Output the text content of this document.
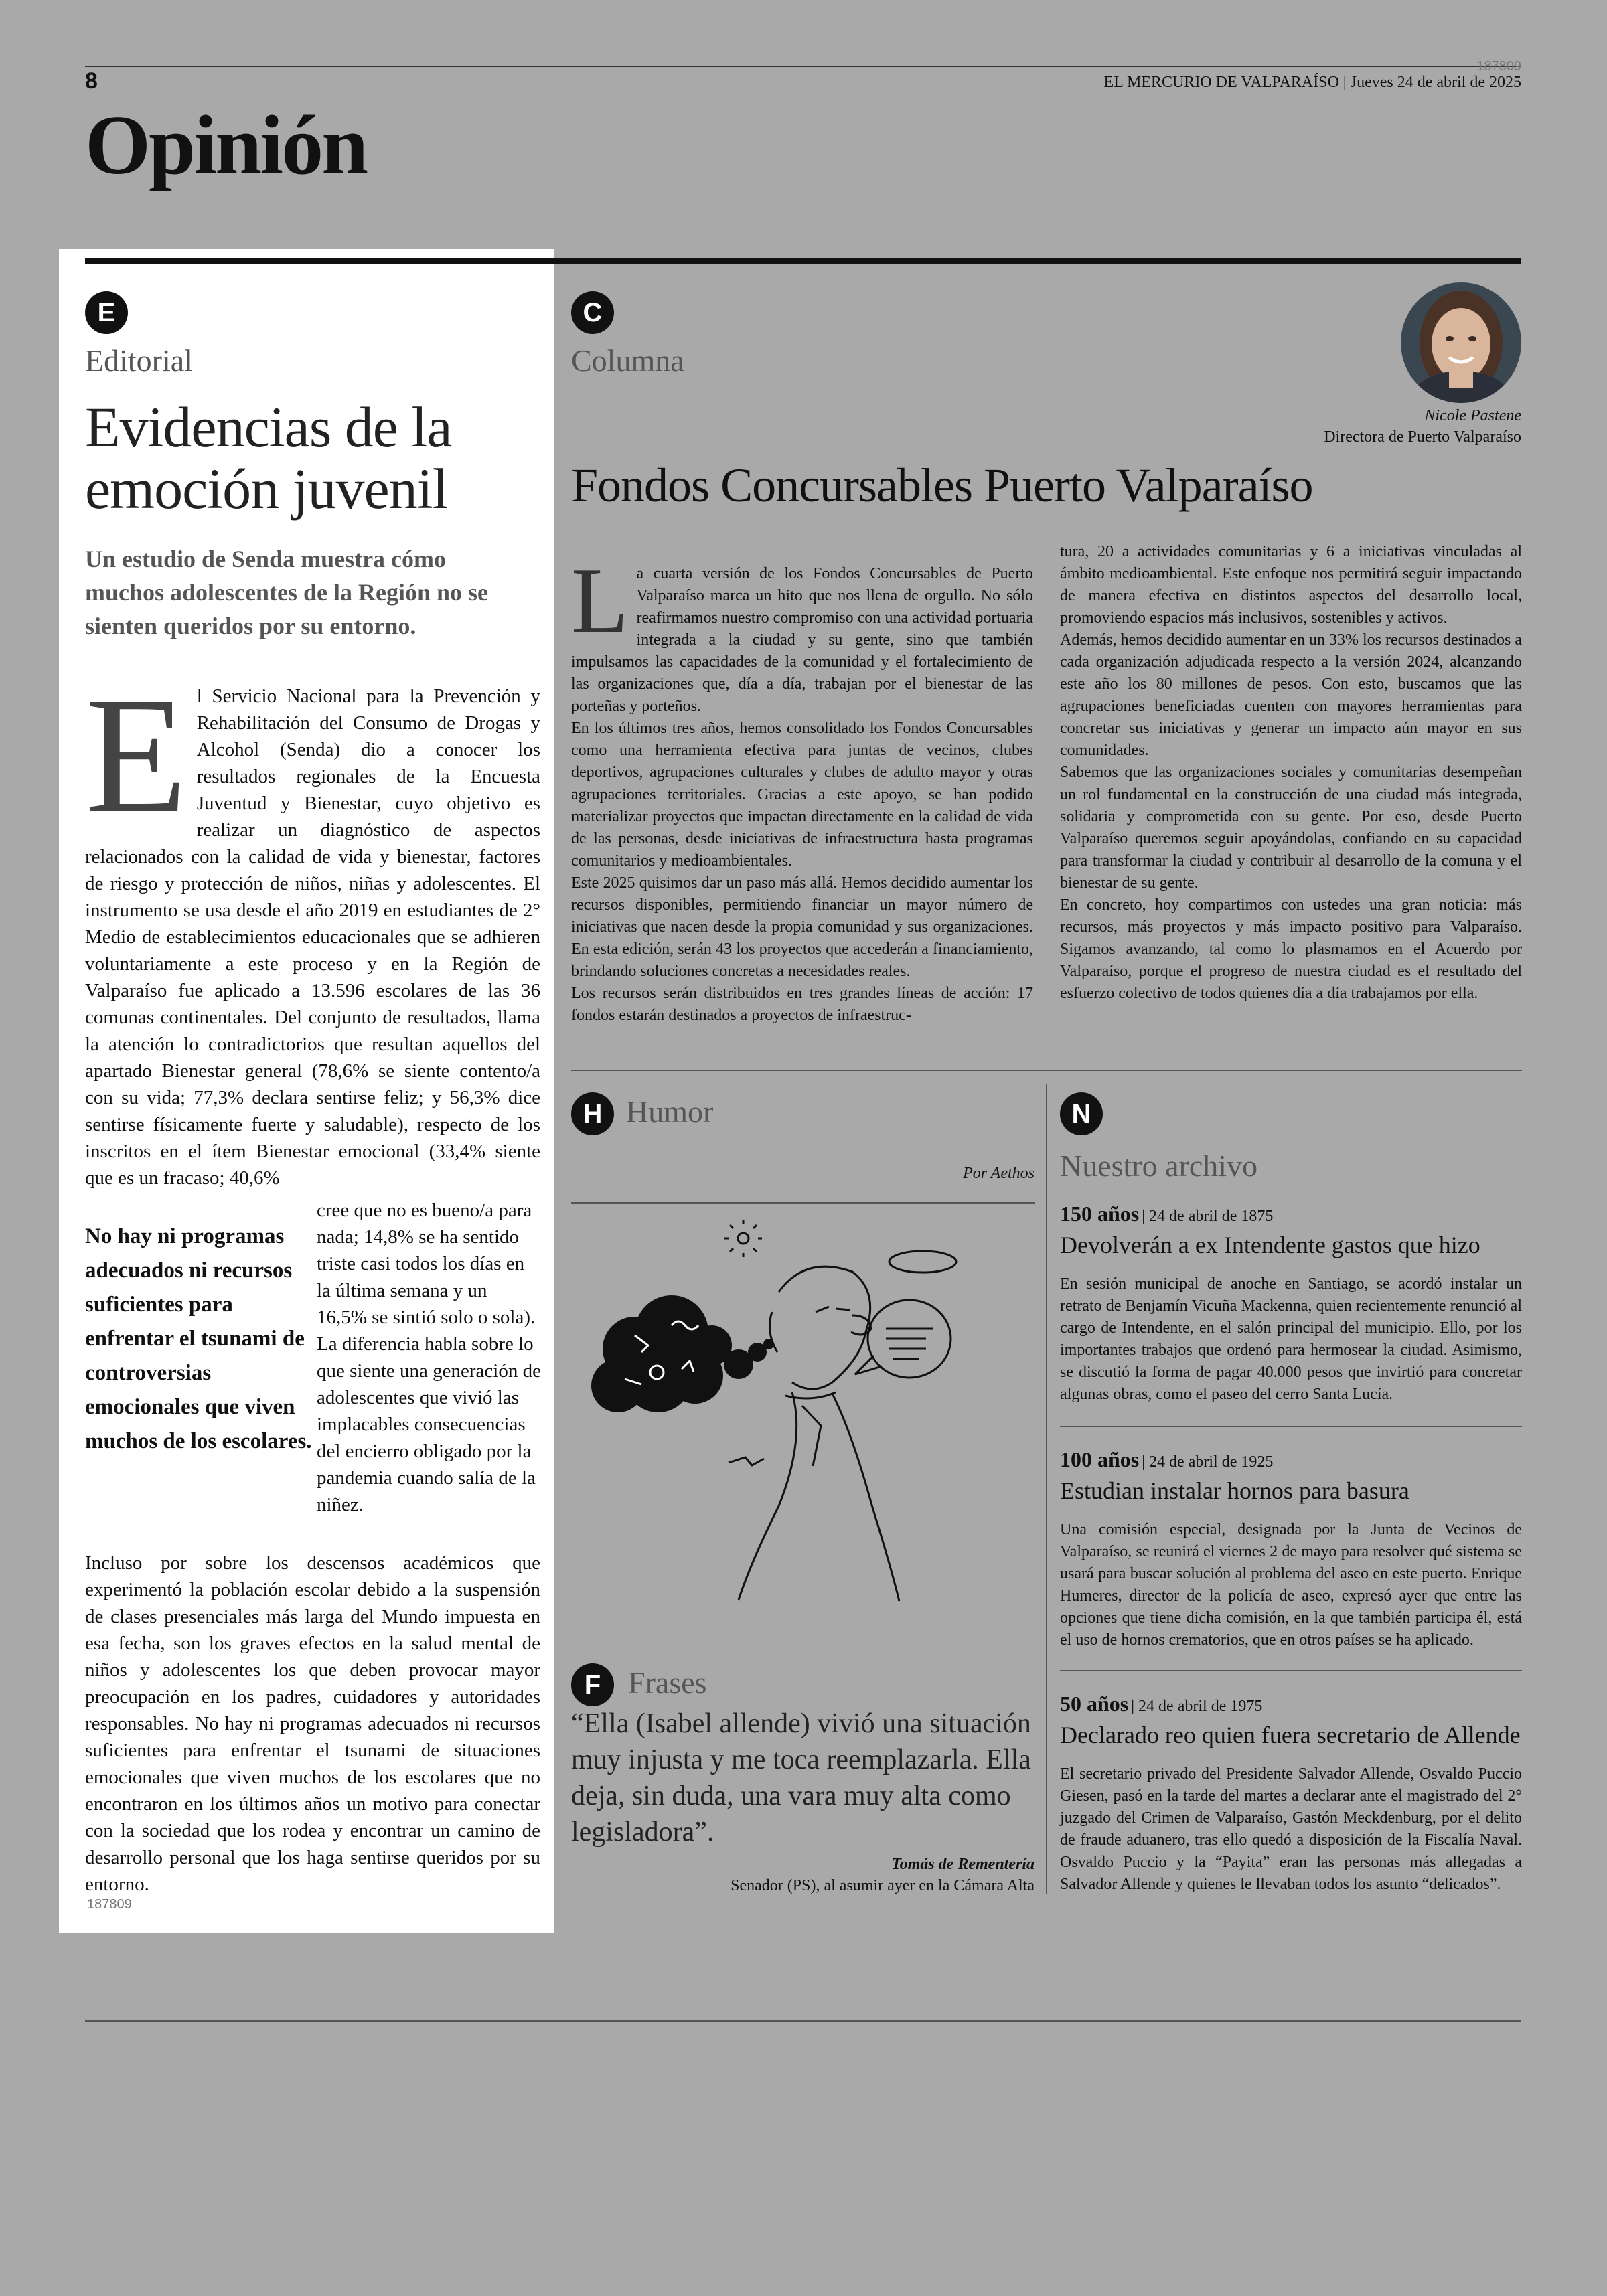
8
187809
EL MERCURIO DE VALPARAÍSO | Jueves 24 de abril de 2025
Opinión
E
Editorial
Evidencias de la emoción juvenil
Un estudio de Senda muestra cómo muchos adolescentes de la Región no se sienten queridos por su entorno.
E l Servicio Nacional para la Prevención y Rehabilitación del Consumo de Drogas y Alcohol (Senda) dio a conocer los resultados regionales de la Encuesta Juventud y Bienestar, cuyo objetivo es realizar un diagnóstico de aspectos relacionados con la calidad de vida y bienestar, factores de riesgo y protección de niños, niñas y adolescentes. El instrumento se usa desde el año 2019 en estudiantes de 2° Medio de establecimientos educacionales que se adhieren voluntariamente a este proceso y en la Región de Valparaíso fue aplicado a 13.596 escolares de las 36 comunas continentales. Del conjunto de resultados, llama la atención lo contradictorios que resultan aquellos del apartado Bienestar general (78,6% se siente contento/a con su vida; 77,3% declara sentirse feliz; y 56,3% dice sentirse físicamente fuerte y saludable), respecto de los inscritos en el ítem Bienestar emocional (33,4% siente que es un fracaso; 40,6%
No hay ni programas adecuados ni recursos suficientes para enfrentar el tsunami de controversias emocionales que viven muchos de los escolares.
cree que no es bueno/a para nada; 14,8% se ha sentido triste casi todos los días en la última semana y un 16,5% se sintió solo o sola). La diferencia habla sobre lo que siente una generación de adolescentes que vivió las implacables consecuencias del encierro obligado por la pandemia cuando salía de la niñez.
Incluso por sobre los descensos académicos que experimentó la población escolar debido a la suspensión de clases presenciales más larga del Mundo impuesta en esa fecha, son los graves efectos en la salud mental de niños y adolescentes los que deben provocar mayor preocupación en los padres, cuidadores y autoridades responsables. No hay ni programas adecuados ni recursos suficientes para enfrentar el tsunami de situaciones emocionales que viven muchos de los escolares que no encontraron en los últimos años un motivo para conectar con la sociedad que los rodea y encontrar un camino de desarrollo personal que los haga sentirse queridos por su entorno.
187809
C
Columna
Nicole Pastene
Directora de Puerto Valparaíso
Fondos Concursables Puerto Valparaíso

La cuarta versión de los Fondos Concursables de Puerto Valparaíso marca un hito que nos llena de orgullo. No sólo reafirmamos nuestro compromiso con una actividad portuaria integrada a la ciudad y su gente, sino que también impulsamos las capacidades de la comunidad y el fortalecimiento de las organizaciones que, día a día, trabajan por el bienestar de las porteñas y porteños.
En los últimos tres años, hemos consolidado los Fondos Concursables como una herramienta efectiva para juntas de vecinos, clubes deportivos, agrupaciones culturales y clubes de adulto mayor y otras agrupaciones territoriales. Gracias a este apoyo, se han podido materializar proyectos que impactan directamente en la calidad de vida de las personas, desde iniciativas de infraestructura hasta programas comunitarios y medioambientales.
Este 2025 quisimos dar un paso más allá. Hemos decidido aumentar los recursos disponibles, permitiendo financiar un mayor número de iniciativas que nacen desde la propia comunidad y sus organizaciones. En esta edición, serán 43 los proyectos que accederán a financiamiento, brindando soluciones concretas a necesidades reales.
Los recursos serán distribuidos en tres grandes líneas de acción: 17 fondos estarán destinados a proyectos de infraestruc-

tura, 20 a actividades comunitarias y 6 a iniciativas vinculadas al ámbito medioambiental. Este enfoque nos permitirá seguir impactando de manera efectiva en distintos aspectos del desarrollo local, promoviendo espacios más inclusivos, sostenibles y activos.
Además, hemos decidido aumentar en un 33% los recursos destinados a cada organización adjudicada respecto a la versión 2024, alcanzando este año los 80 millones de pesos. Con esto, buscamos que las agrupaciones beneficiadas cuenten con mayores herramientas para concretar sus iniciativas y generar un impacto aún mayor en sus comunidades.
Sabemos que las organizaciones sociales y comunitarias desempeñan un rol fundamental en la construcción de una ciudad más integrada, solidaria y comprometida con su gente. Por eso, desde Puerto Valparaíso queremos seguir apoyándolas, confiando en su capacidad para transformar la ciudad y contribuir al desarrollo de la comuna y el bienestar de su gente.
En concreto, hoy compartimos con ustedes una gran noticia: más recursos, más proyectos y más impacto positivo para Valparaíso. Sigamos avanzando, tal como lo plasmamos en el Acuerdo por Valparaíso, porque el progreso de nuestra ciudad es el resultado del esfuerzo colectivo de todos quienes día a día trabajamos por ella.
H Humor
Por Aethos
F Frases
“Ella (Isabel allende) vivió una situación muy injusta y me toca reemplazarla. Ella deja, sin duda, una vara muy alta como legisladora”.
Tomás de Rementería
Senador (PS), al asumir ayer en la Cámara Alta
N
Nuestro archivo
150 años | 24 de abril de 1875
Devolverán a ex Intendente gastos que hizo
En sesión municipal de anoche en Santiago, se acordó instalar un retrato de Benjamín Vicuña Mackenna, quien recientemente renunció al cargo de Intendente, en el salón principal del municipio. Ello, por los importantes trabajos que ordenó para hermosear la ciudad. Asimismo, se discutió la forma de pagar 40.000 pesos que invirtió para concretar algunas obras, como el paseo del cerro Santa Lucía.
100 años | 24 de abril de 1925
Estudian instalar hornos para basura
Una comisión especial, designada por la Junta de Vecinos de Valparaíso, se reunirá el viernes 2 de mayo para resolver qué sistema se usará para buscar solución al problema del aseo en este puerto. Enrique Humeres, director de la policía de aseo, expresó ayer que entre las opciones que tiene dicha comisión, en la que también participa él, está el uso de hornos crematorios, que en otros países se ha aplicado.
50 años | 24 de abril de 1975
Declarado reo quien fuera secretario de Allende
El secretario privado del Presidente Salvador Allende, Osvaldo Puccio Giesen, pasó en la tarde del martes a declarar ante el magistrado del 2° juzgado del Crimen de Valparaíso, Gastón Meckdenburg, por el delito de fraude aduanero, tras ello quedó a disposición de la Fiscalía Naval. Osvaldo Puccio y la “Payita” eran las personas más allegadas a Salvador Allende y quienes le llevaban todos los asunto “delicados”.
